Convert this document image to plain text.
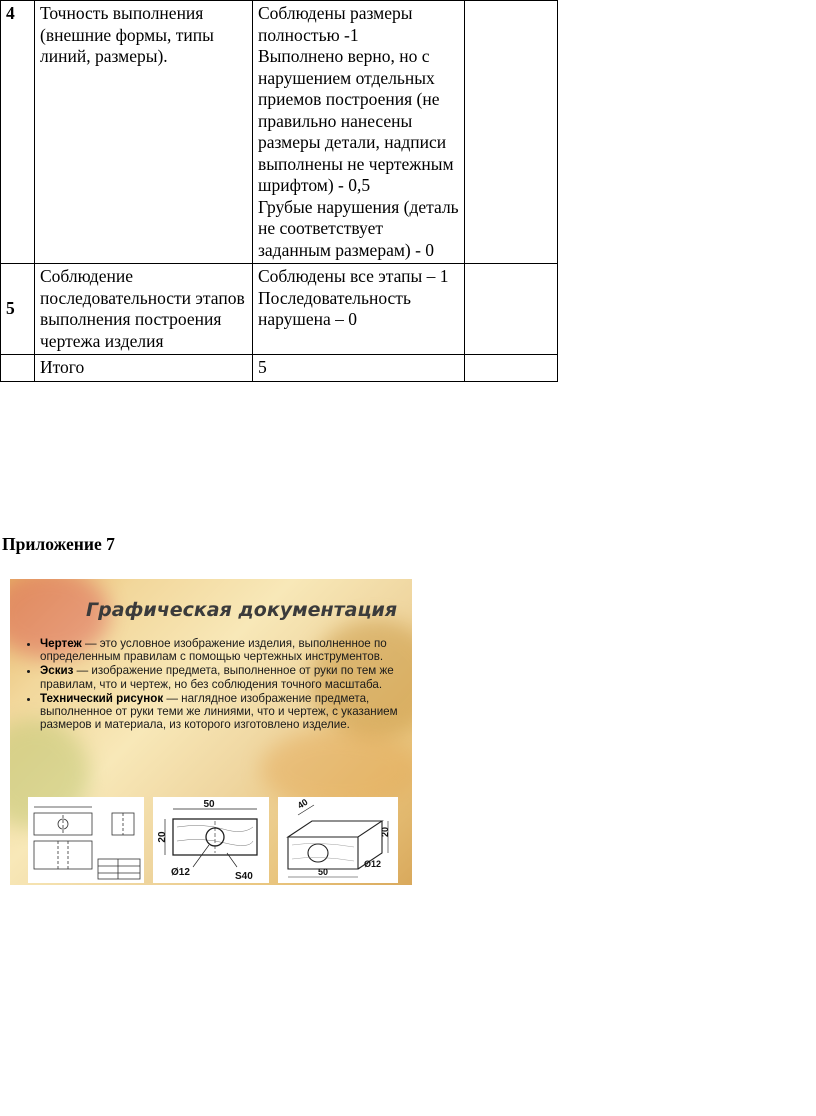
4	Точность выполнения (внешние формы, типы линий, размеры).	Соблюдены размеры полностью -1
Выполнено верно, но с нарушением отдельных приемов построения (не правильно нанесены размеры детали, надписи выполнены не чертежным шрифтом) - 0,5
Грубые нарушения (деталь не соответствует заданным размерам) - 0	

5	Соблюдение последовательности этапов выполнения построения чертежа изделия	Соблюдены все этапы – 1
Последовательность нарушена – 0	

	Итого	5	
Приложение 7
Графическая документация
• Чертеж — это условное изображение изделия, выполненное по определенным правилам с помощью чертежных инструментов.
• Эскиз — изображение предмета, выполненное от руки по тем же правилам, что и чертеж, но без соблюдения точного масштаба.
• Технический рисунок — наглядное изображение предмета, выполненное от руки теми же линиями, что и чертеж, с указанием размеров и материала, из которого изготовлено изделие.
50
20
Ø12	S40
40
20
50
Ø12
